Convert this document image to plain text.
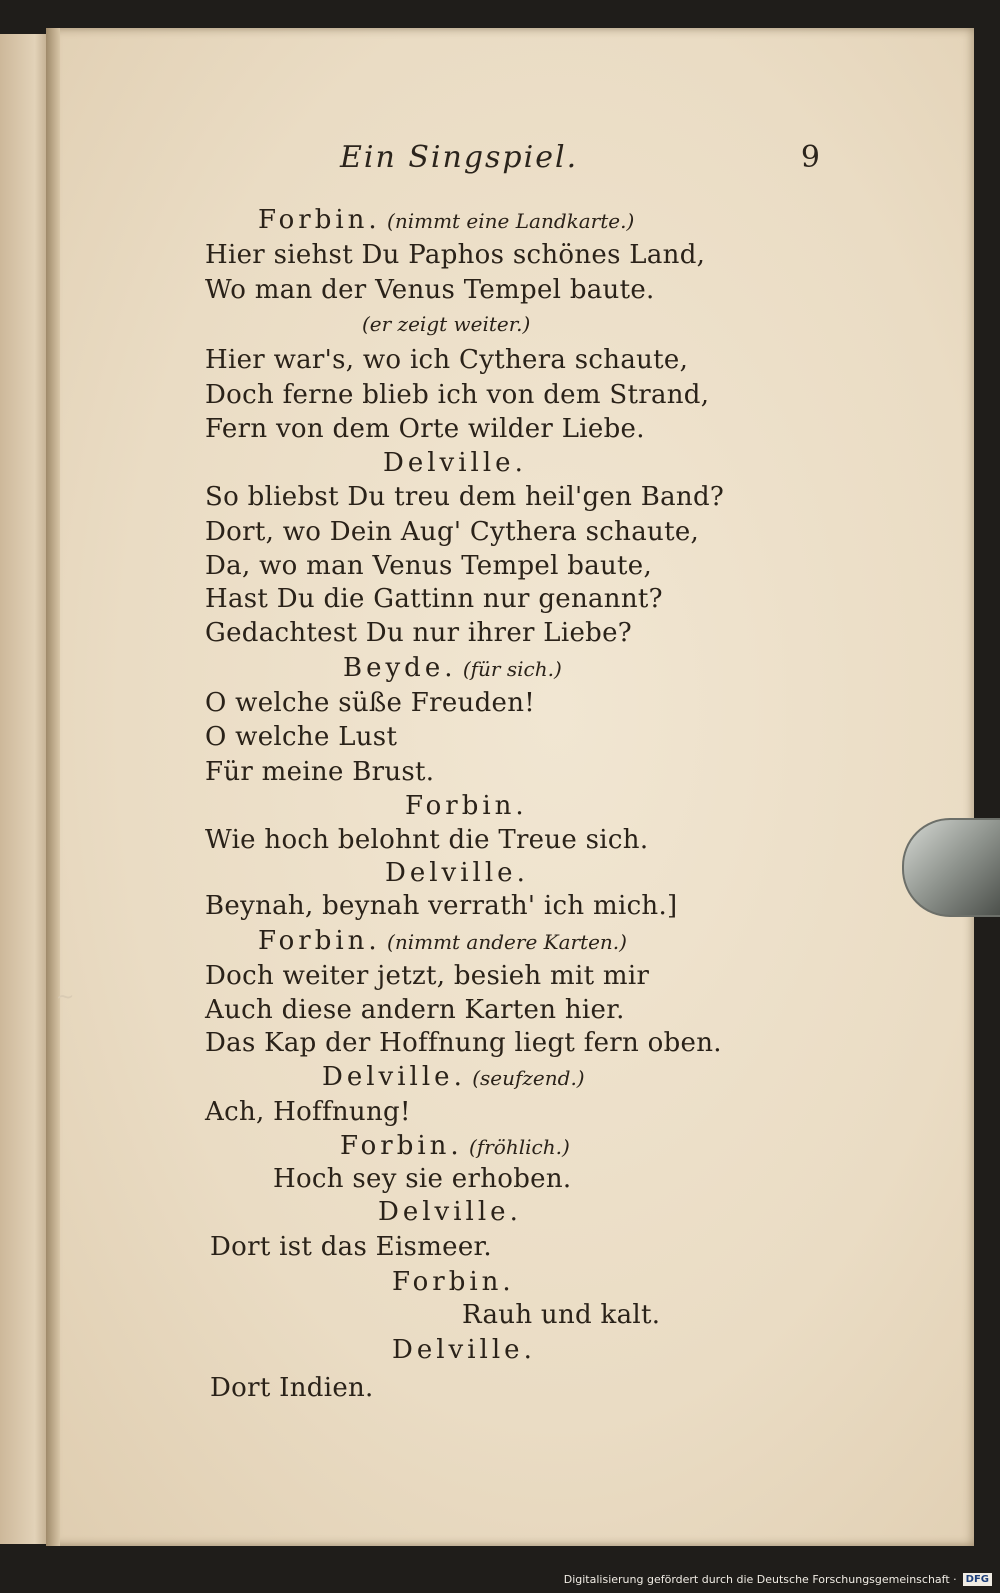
~
Ein Singspiel.	9
Forbin. (nimmt eine Landkarte.)
Hier siehst Du Paphos schönes Land,
Wo man der Venus Tempel baute.
(er zeigt weiter.)
Hier war's, wo ich Cythera schaute,
Doch ferne blieb ich von dem Strand,
Fern von dem Orte wilder Liebe.
Delville.
So bliebst Du treu dem heil'gen Band?
Dort, wo Dein Aug' Cythera schaute,
Da, wo man Venus Tempel baute,
Hast Du die Gattinn nur genannt?
Gedachtest Du nur ihrer Liebe?
Beyde. (für sich.)
O welche süße Freuden!
O welche Lust
Für meine Brust.
Forbin.
Wie hoch belohnt die Treue sich.
Delville.
Beynah, beynah verrath' ich mich.]
Forbin. (nimmt andere Karten.)
Doch weiter jetzt, besieh mit mir
Auch diese andern Karten hier.
Das Kap der Hoffnung liegt fern oben.
Delville. (seufzend.)
Ach, Hoffnung!
Forbin. (fröhlich.)
Hoch sey sie erhoben.
Delville.
Dort ist das Eismeer.
Forbin.
Rauh und kalt.
Delville.
Dort Indien.
Digitalisierung gefördert durch die Deutsche Forschungsgemeinschaft · DFG
